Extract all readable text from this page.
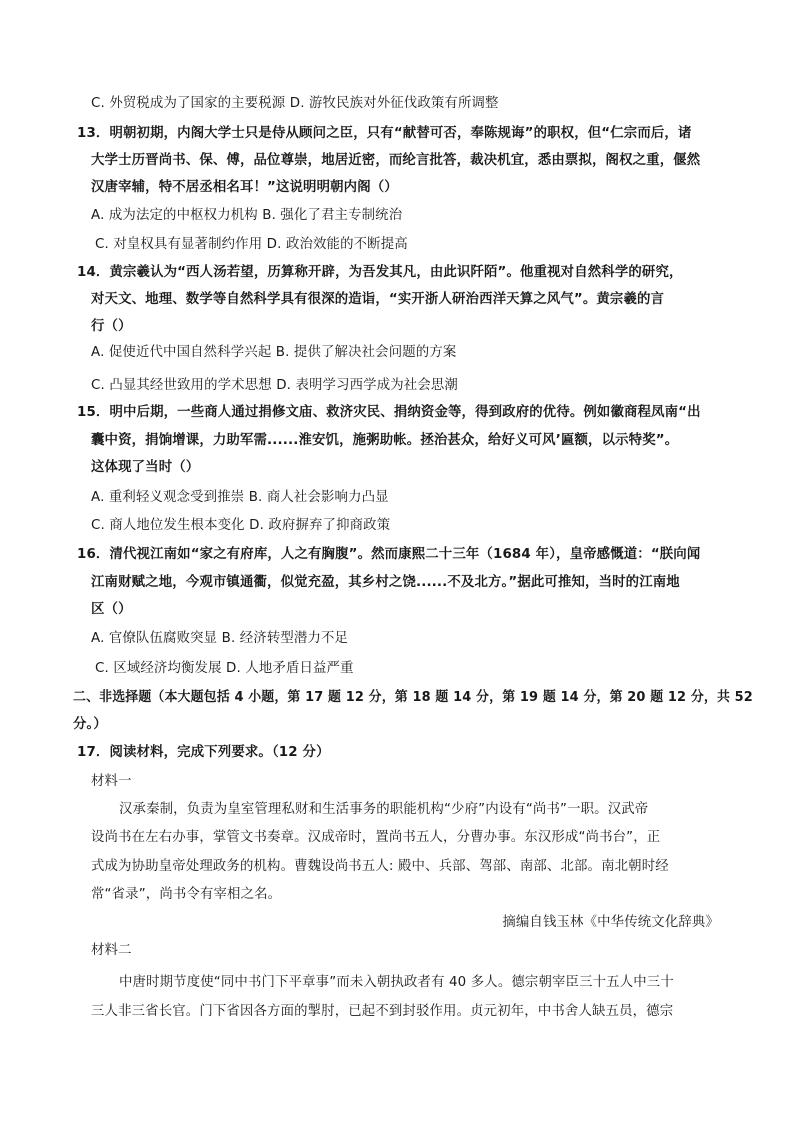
C. 外贸税成为了国家的主要税源 D. 游牧民族对外征伐政策有所调整
13．明朝初期，内阁大学士只是侍从顾问之臣，只有“献替可否，奉陈规诲”的职权，但“仁宗而后，诸
大学士历晋尚书、保、傅，品位尊崇，地居近密，而纶言批答，裁决机宜，悉由票拟，阁权之重，偃然
汉唐宰辅，特不居丞相名耳！”这说明明朝内阁（）
A. 成为法定的中枢权力机构 B. 强化了君主专制统治
C. 对皇权具有显著制约作用 D. 政治效能的不断提高
14．黄宗羲认为“西人汤若望，历算称开辟，为吾发其凡，由此识阡陌”。他重视对自然科学的研究，
对天文、地理、数学等自然科学具有很深的造诣，“实开浙人研治西洋天算之风气”。黄宗羲的言
行（）
A. 促使近代中国自然科学兴起 B. 提供了解决社会问题的方案
C. 凸显其经世致用的学术思想 D. 表明学习西学成为社会思潮
15．明中后期，一些商人通过捐修文庙、救济灾民、捐纳资金等，得到政府的优待。例如徽商程凤南“出
囊中资，捐饷增课，力助军需......淮安饥，施粥助帐。拯治甚众，给好义可风’匾额，以示特奖”。
这体现了当时（）
A. 重利轻义观念受到推崇 B. 商人社会影响力凸显
C. 商人地位发生根本变化 D. 政府摒弃了抑商政策
16．清代视江南如“家之有府库，人之有胸腹”。然而康熙二十三年（1684 年），皇帝感慨道：“朕向闻
江南财赋之地，今观市镇通衢，似觉充盈，其乡村之饶......不及北方。”据此可推知，当时的江南地
区（）
A. 官僚队伍腐败突显 B. 经济转型潜力不足
C. 区域经济均衡发展 D. 人地矛盾日益严重
二、非选择题（本大题包括 4 小题，第 17 题 12 分，第 18 题 14 分，第 19 题 14 分，第 20 题 12 分，共 52
分。）
17．阅读材料，完成下列要求。（12 分）
材料一
汉承秦制，负责为皇室管理私财和生活事务的职能机构“少府”内设有“尚书”一职。汉武帝
设尚书在左右办事，掌管文书奏章。汉成帝时，置尚书五人，分曹办事。东汉形成“尚书台”，正
式成为协助皇帝处理政务的机构。曹魏设尚书五人: 殿中、兵部、驾部、南部、北部。南北朝时经
常“省录”，尚书令有宰相之名。
摘编自钱玉林《中华传统文化辞典》
材料二
中唐时期节度使“同中书门下平章事”而未入朝执政者有 40 多人。德宗朝宰臣三十五人中三十
三人非三省长官。门下省因各方面的掣肘，已起不到封驳作用。贞元初年，中书舍人缺五员，德宗
